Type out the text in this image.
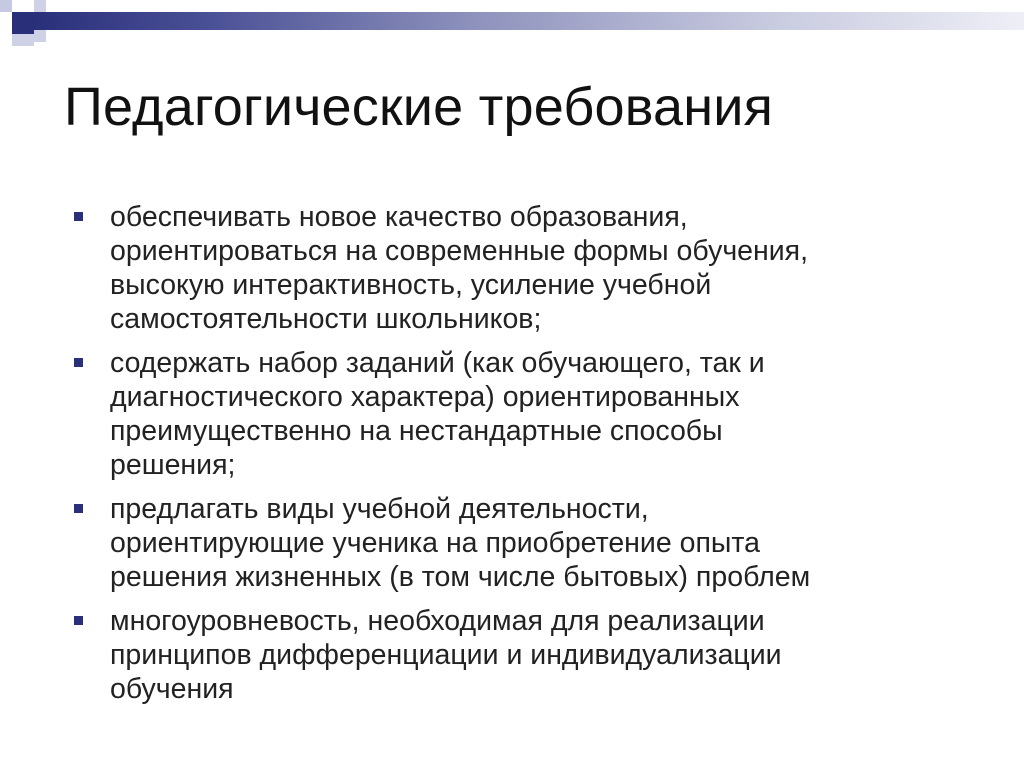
Педагогические требования
обеспечивать новое качество образования,
ориентироваться на современные формы обучения,
высокую интерактивность, усиление учебной
самостоятельности школьников;
содержать набор заданий (как обучающего, так и
диагностического характера) ориентированных
преимущественно на нестандартные способы
решения;
предлагать виды учебной деятельности,
ориентирующие ученика на приобретение опыта
решения жизненных (в том числе бытовых) проблем
многоуровневость, необходимая для реализации
принципов дифференциации и индивидуализации
обучения
